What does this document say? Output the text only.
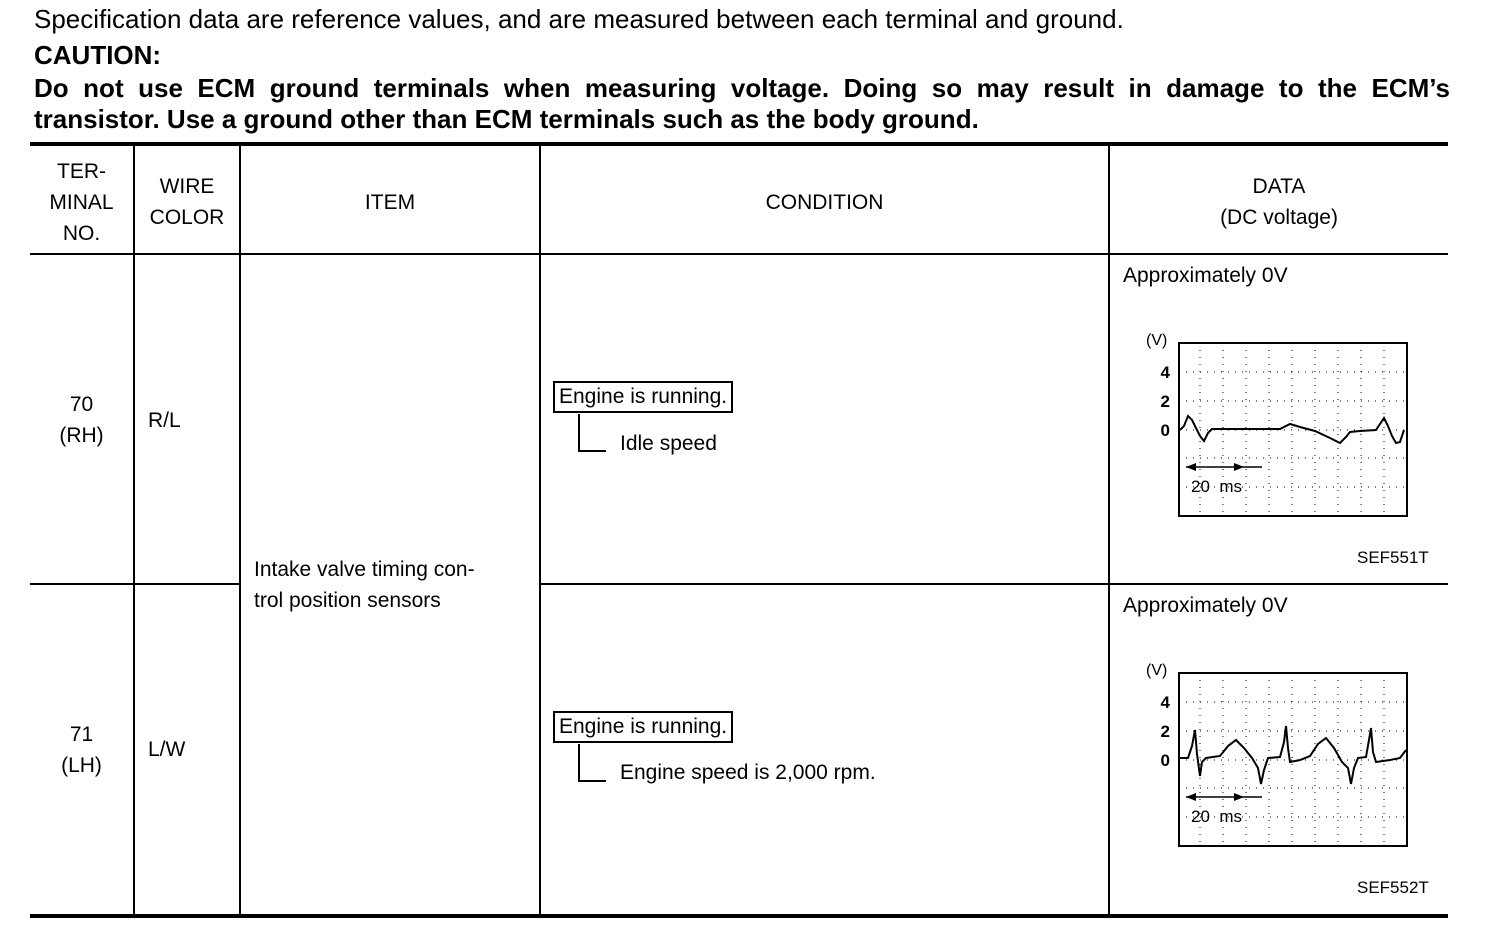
Specification data are reference values, and are measured between each terminal and ground.

CAUTION:

Do not use ECM ground terminals when measuring voltage. Doing so may result in damage to the ECM’s transistor. Use a ground other than ECM terminals such as the body ground.

TER-
MINAL
NO.
WIRE
COLOR
ITEM	CONDITION
DATA
(DC voltage)
70
(RH)
R/L
Engine is running.
Idle speed
Approximately 0V
(V)
4
2
0
20  ms
SEF551T
Intake valve timing con-
trol position sensors
71
(LH)
L/W
Engine is running.
Engine speed is 2,000 rpm.
Approximately 0V
(V)
4
2
0
20  ms
SEF552T
